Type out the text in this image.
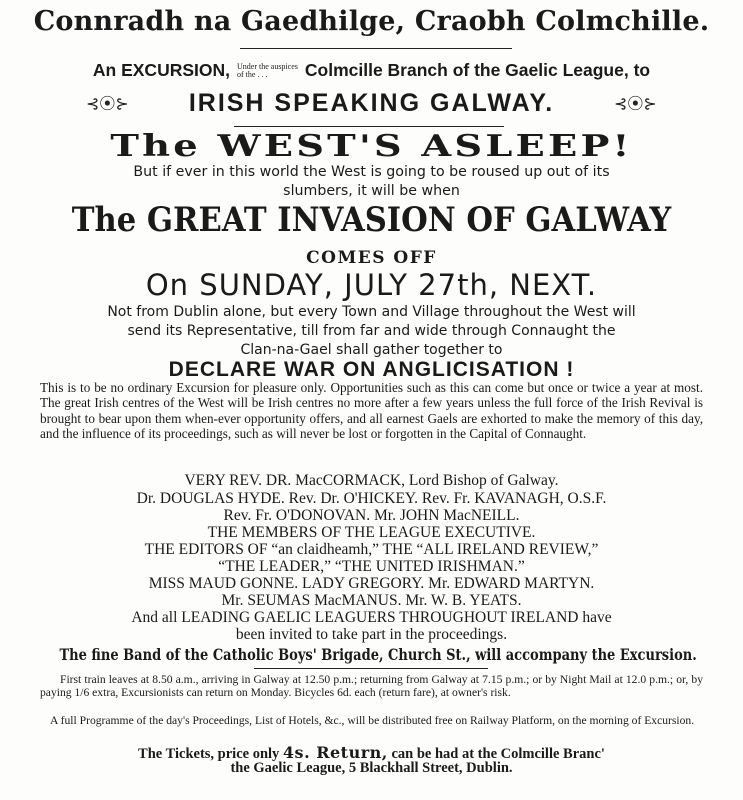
Connradh na Gaedhilge, Craobh Colmchille.
An EXCURSION, Under the auspices
of the . . .	Colmcille Branch of the Gaelic League, to
⊰⦿⊱	IRISH SPEAKING GALWAY.	⊰⦿⊱
The WEST'S ASLEEP!
But if ever in this world the West is going to be roused up out of its
slumbers, it will be when
The GREAT INVASION OF GALWAY
COMES OFF
On SUNDAY, JULY 27th, NEXT.
Not from Dublin alone, but every Town and Village throughout the West will
send its Representative, till from far and wide through Connaught the
Clan-na-Gael shall gather together to
DECLARE WAR ON ANGLICISATION !
This is to be no ordinary Excursion for pleasure only. Opportunities such as this can come but once or twice a year at most. The great Irish centres of the West will be Irish centres no more after a few years unless the full force of the Irish Revival is brought to bear upon them when-ever opportunity offers, and all earnest Gaels are exhorted to make the memory of this day, and the influence of its proceedings, such as will never be lost or forgotten in the Capital of Connaught.
VERY REV. DR. MacCORMACK, Lord Bishop of Galway.
Dr. DOUGLAS HYDE. Rev. Dr. O'HICKEY. Rev. Fr. KAVANAGH, O.S.F.
Rev. Fr. O'DONOVAN. Mr. JOHN MacNEILL.
THE MEMBERS OF THE LEAGUE EXECUTIVE.
THE EDITORS OF “an claidheamh,” THE “ALL IRELAND REVIEW,”
“THE LEADER,” “THE UNITED IRISHMAN.”
MISS MAUD GONNE. LADY GREGORY. Mr. EDWARD MARTYN.
Mr. SEUMAS MacMANUS. Mr. W. B. YEATS.
And all LEADING GAELIC LEAGUERS THROUGHOUT IRELAND have
been invited to take part in the proceedings.
The fine Band of the Catholic Boys' Brigade, Church St., will accompany the Excursion.
First train leaves at 8.50 a.m., arriving in Galway at 12.50 p.m.; returning from Galway at 7.15 p.m.; or by Night Mail at 12.0 p.m.; or, by paying 1/6 extra, Excursionists can return on Monday. Bicycles 6d. each (return fare), at owner's risk.
A full Programme of the day's Proceedings, List of Hotels, &c., will be distributed free on Railway Platform, on the morning of Excursion.
The Tickets, price only 4s. Return, can be had at the Colmcille Branc'
the Gaelic League, 5 Blackhall Street, Dublin.
